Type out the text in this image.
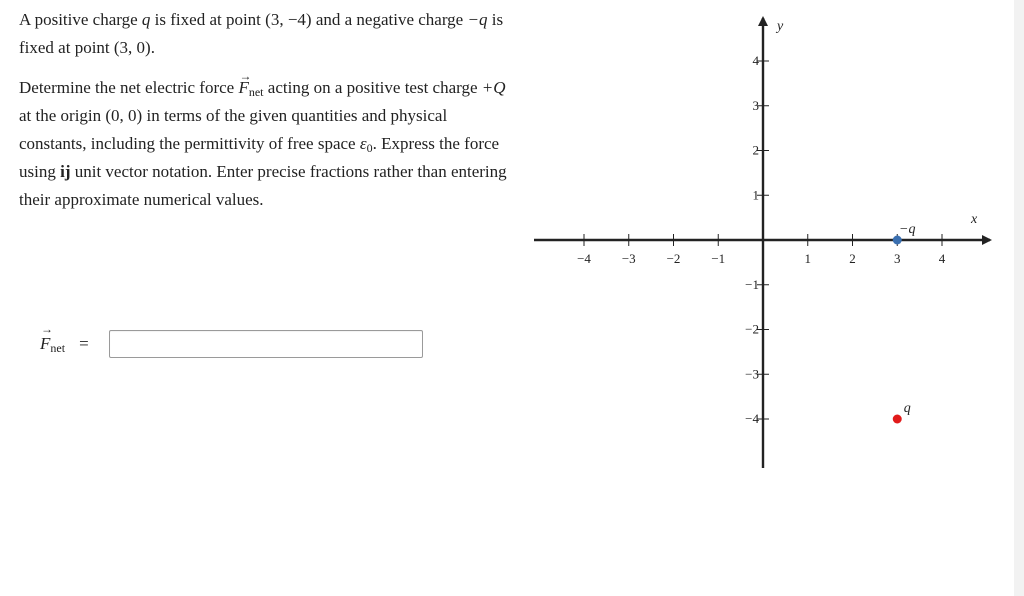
A positive charge q is fixed at point (3, −4) and a negative charge −q is fixed at point (3, 0).

Determine the net electric force → $F_{net}$ acting on a positive test charge +Q at the origin (0, 0) in terms of the given quantities and physical constants, including the permittivity of free space $\varepsilon_0$. Express the force using ij unit vector notation. Enter precise fractions rather than entering their approximate numerical values.

→ $F_{net}$ =
x
y
−4 −3 −2 −1	1	2	3	4
4
3
2
1
−1
−2
−3
−4
−q
q
